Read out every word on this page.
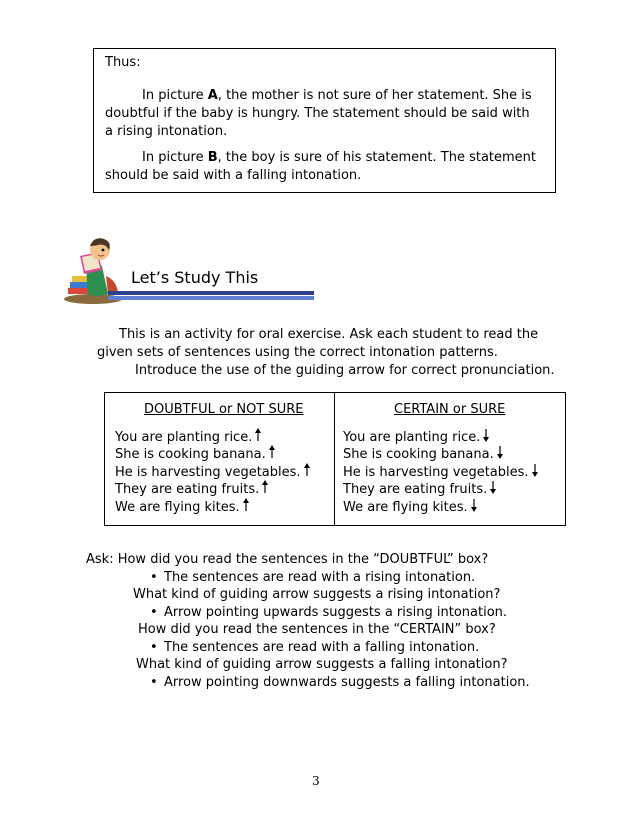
Thus:
In picture A, the mother is not sure of her statement. She is
doubtful if the baby is hungry. The statement should be said with
a rising intonation.
In picture B, the boy is sure of his statement. The statement
should be said with a falling intonation.
Let’s Study This
This is an activity for oral exercise. Ask each student to read the
given sets of sentences using the correct intonation patterns.
Introduce the use of the guiding arrow for correct pronunciation.
DOUBTFUL or NOT SURE	CERTAIN or SURE
You are planting rice.
She is cooking banana.
He is harvesting vegetables.
They are eating fruits.
We are flying kites.
You are planting rice.
She is cooking banana.
He is harvesting vegetables.
They are eating fruits.
We are flying kites.
Ask: How did you read the sentences in the “DOUBTFUL” box?
• The sentences are read with a rising intonation.
What kind of guiding arrow suggests a rising intonation?
• Arrow pointing upwards suggests a rising intonation.
How did you read the sentences in the “CERTAIN” box?
• The sentences are read with a falling intonation.
What kind of guiding arrow suggests a falling intonation?
• Arrow pointing downwards suggests a falling intonation.
3
